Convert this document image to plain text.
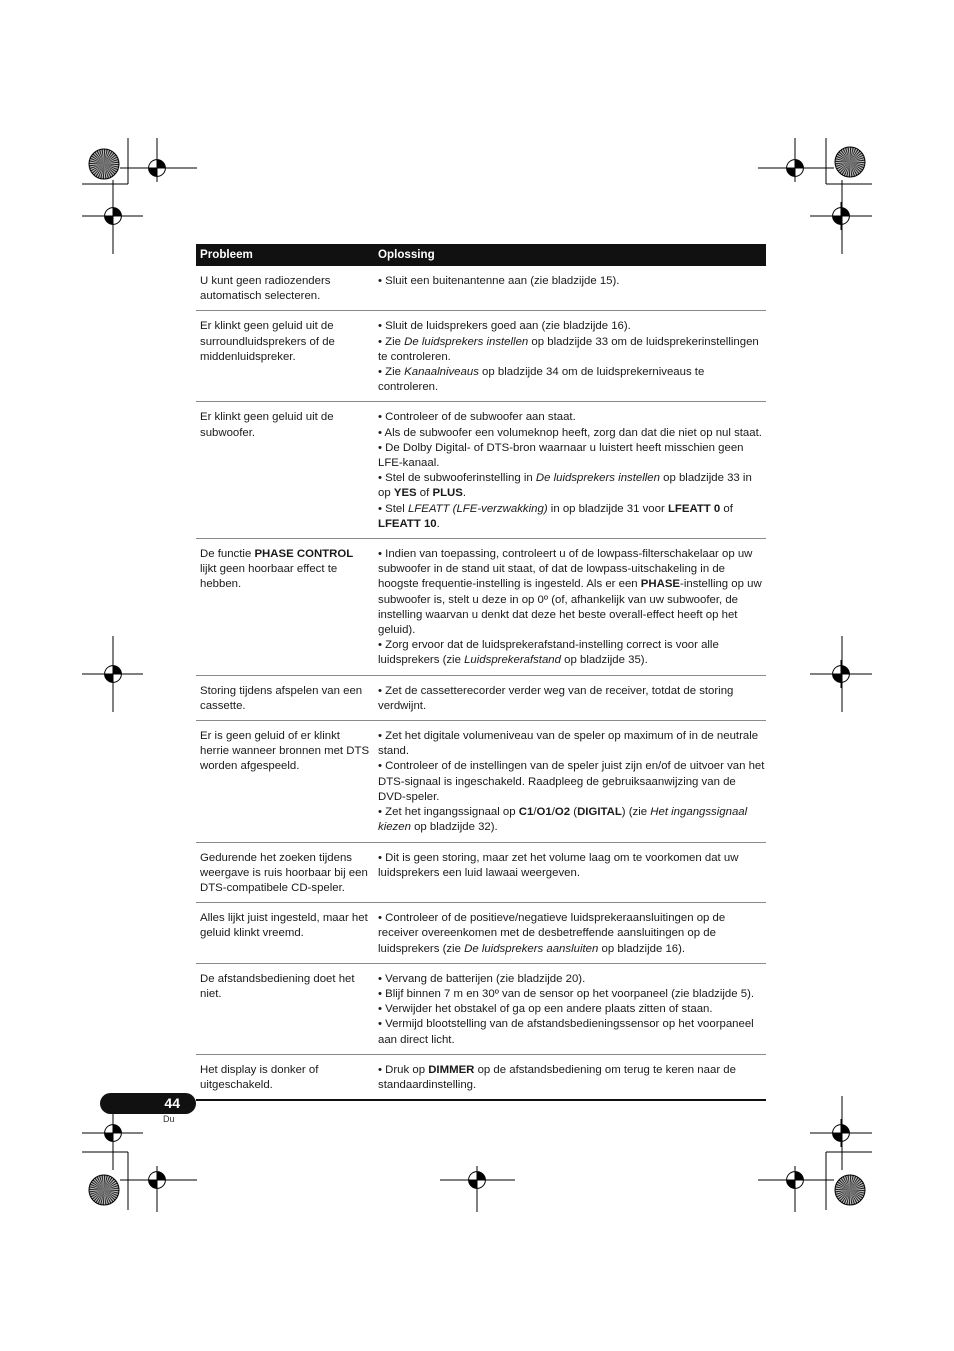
Probleem	Oplossing
U kunt geen radiozenders automatisch selecteren.	• Sluit een buitenantenne aan (zie bladzijde 15).

Er klinkt geen geluid uit de surroundluidsprekers of de middenluidspreker.	• Sluit de luidsprekers goed aan (zie bladzijde 16).
• Zie De luidsprekers instellen op bladzijde 33 om de luidsprekerinstellingen te controleren.
• Zie Kanaalniveaus op bladzijde 34 om de luidsprekerniveaus te controleren.

Er klinkt geen geluid uit de subwoofer.	• Controleer of de subwoofer aan staat.
• Als de subwoofer een volumeknop heeft, zorg dan dat die niet op nul staat.
• De Dolby Digital- of DTS-bron waarnaar u luistert heeft misschien geen LFE-kanaal.
• Stel de subwooferinstelling in De luidsprekers instellen op bladzijde 33 in op YES of PLUS.
• Stel LFEATT (LFE-verzwakking) in op bladzijde 31 voor LFEATT 0 of LFEATT 10.

De functie PHASE CONTROL lijkt geen hoorbaar effect te hebben.	• Indien van toepassing, controleert u of de lowpass-filterschakelaar op uw subwoofer in de stand uit staat, of dat de lowpass-uitschakeling in de hoogste frequentie-instelling is ingesteld. Als er een PHASE-instelling op uw subwoofer is, stelt u deze in op 0º (of, afhankelijk van uw subwoofer, de instelling waarvan u denkt dat deze het beste overall-effect heeft op het geluid).
• Zorg ervoor dat de luidsprekerafstand-instelling correct is voor alle luidsprekers (zie Luidsprekerafstand op bladzijde 35).

Storing tijdens afspelen van een cassette.	• Zet de cassetterecorder verder weg van de receiver, totdat de storing verdwijnt.

Er is geen geluid of er klinkt herrie wanneer bronnen met DTS worden afgespeeld.	• Zet het digitale volumeniveau van de speler op maximum of in de neutrale stand.
• Controleer of de instellingen van de speler juist zijn en/of de uitvoer van het DTS-signaal is ingeschakeld. Raadpleeg de gebruiksaanwijzing van de DVD-speler.
• Zet het ingangssignaal op C1/O1/O2 (DIGITAL) (zie Het ingangssignaal kiezen op bladzijde 32).

Gedurende het zoeken tijdens weergave is ruis hoorbaar bij een DTS-compatibele CD-speler.	• Dit is geen storing, maar zet het volume laag om te voorkomen dat uw luidsprekers een luid lawaai weergeven.

Alles lijkt juist ingesteld, maar het geluid klinkt vreemd.	• Controleer of de positieve/negatieve luidsprekeraansluitingen op de receiver overeenkomen met de desbetreffende aansluitingen op de luidsprekers (zie De luidsprekers aansluiten op bladzijde 16).

De afstandsbediening doet het niet.	• Vervang de batterijen (zie bladzijde 20).
• Blijf binnen 7 m en 30º van de sensor op het voorpaneel (zie bladzijde 5).
• Verwijder het obstakel of ga op een andere plaats zitten of staan.
• Vermijd blootstelling van de afstandsbedieningssensor op het voorpaneel aan direct licht.

Het display is donker of uitgeschakeld.	• Druk op DIMMER op de afstandsbediening om terug te keren naar de standaardinstelling.
44
Du
